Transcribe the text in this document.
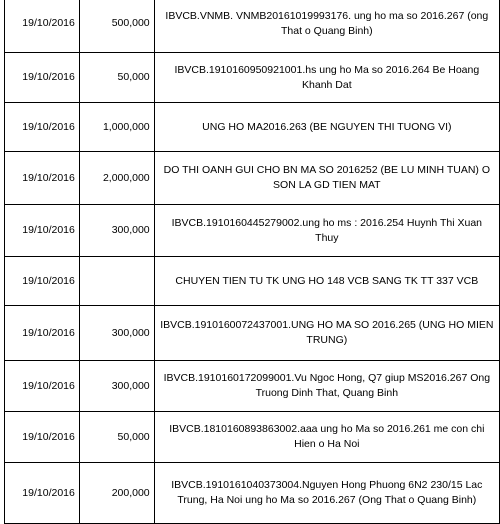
19/10/2016	500,000	IBVCB.VNMB. VNMB20161019993176. ung ho ma so 2016.267 (ong That o Quang Binh)
19/10/2016	50,000	IBVCB.1910160950921001.hs ung ho Ma so 2016.264 Be Hoang Khanh Dat
19/10/2016	1,000,000	UNG HO MA2016.263 (BE NGUYEN THI TUONG VI)
19/10/2016	2,000,000	DO THI OANH GUI CHO BN MA SO 2016252 (BE LU MINH TUAN) O SON LA GD TIEN MAT
19/10/2016	300,000	IBVCB.1910160445279002.ung ho ms : 2016.254 Huynh Thi Xuan Thuy
19/10/2016		CHUYEN TIEN TU TK UNG HO 148 VCB SANG TK TT 337 VCB
19/10/2016	300,000	IBVCB.1910160072437001.UNG HO MA SO 2016.265 (UNG HO MIEN TRUNG)
19/10/2016	300,000	IBVCB.1910160172099001.Vu Ngoc Hong, Q7 giup MS2016.267 Ong Truong Dinh That, Quang Binh
19/10/2016	50,000	IBVCB.1810160893863002.aaa ung ho Ma so 2016.261 me con chi Hien o Ha Noi
19/10/2016	200,000	IBVCB.1910161040373004.Nguyen Hong Phuong 6N2 230/15 Lac Trung, Ha Noi ung ho Ma so 2016.267 (Ong That o Quang Binh)
